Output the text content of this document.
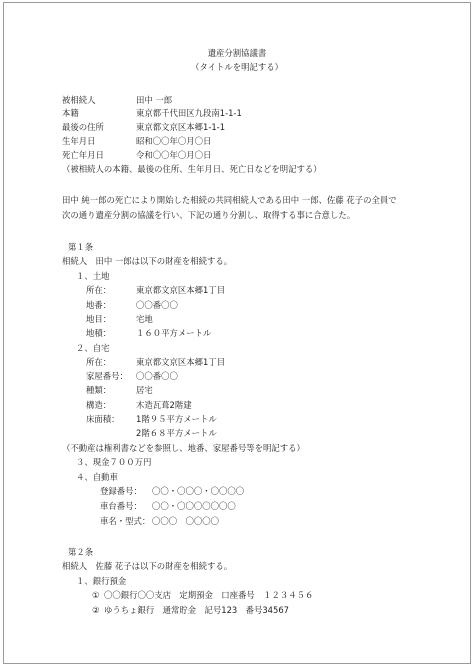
遺産分割協議書
（タイトルを明記する）
被相続人	田中 一郎
本籍	東京都千代田区九段南1-1-1
最後の住所	東京都文京区本郷1-1-1
生年月日	昭和〇〇年〇月〇日
死亡年月日	令和〇〇年〇月〇日
（被相続人の本籍、最後の住所、生年月日、死亡日などを明記する）
田中 純一郎の死亡により開始した相続の共同相続人である田中 一郎、佐藤 花子の全員で
次の通り遺産分割の協議を行い、下記の通り分割し、取得する事に合意した。
第１条
相続人　田中 一郎は以下の財産を相続する。
１、土地
所在：	東京都文京区本郷1丁目
地番：	〇〇番〇〇
地目：	宅地
地積：	１６０平方メートル
２、自宅
所在：	東京都文京区本郷1丁目
家屋番号： 〇〇番〇〇
種類：	居宅
構造：	木造瓦葺2階建
床面積： 1階９５平方メートル
2階６８平方メートル
（不動産は権利書などを参照し、地番、家屋番号等を明記する）
３、現金７００万円
４、自動車
登録番号： 〇〇・〇〇〇・〇〇〇〇
車台番号： 〇〇・〇〇〇〇〇〇〇
車名・型式： 〇〇〇　〇〇〇〇
第２条
相続人　佐藤 花子は以下の財産を相続する。
１、銀行預金
① 〇〇銀行〇〇支店　定期預金　口座番号　１２３４５６
② ゆうちょ銀行　通常貯金　記号123　番号34567
